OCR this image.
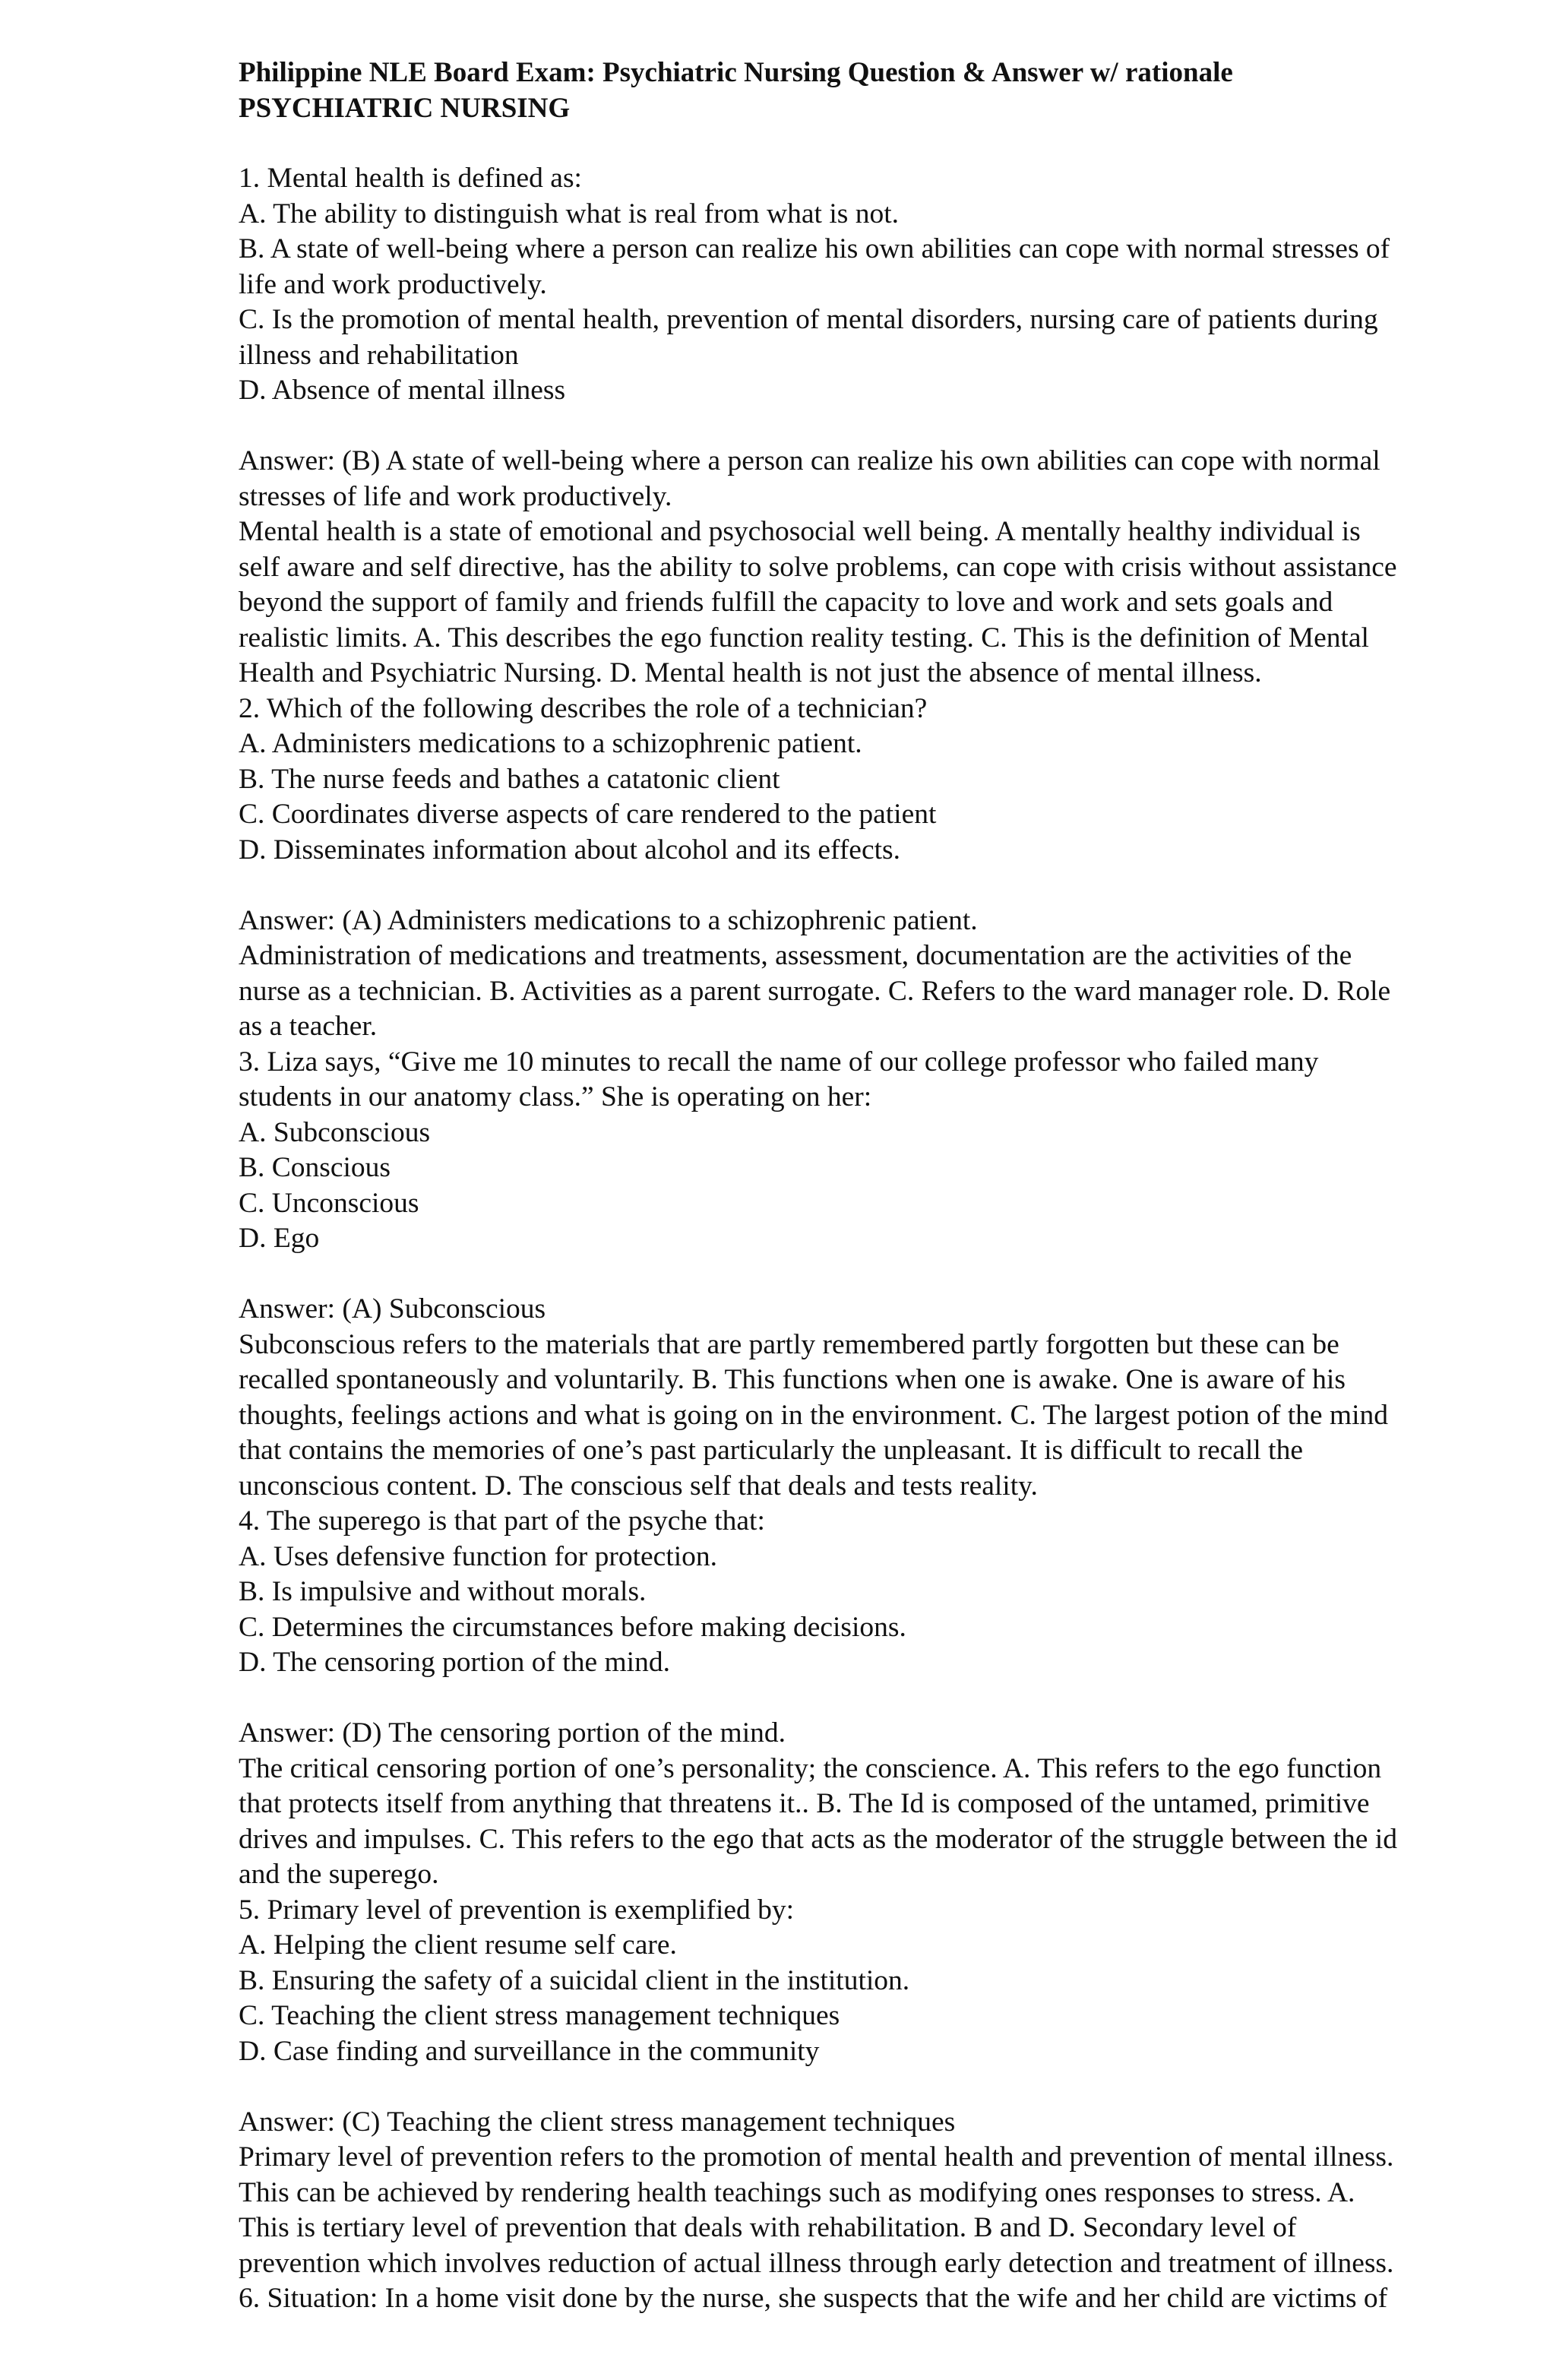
Philippine NLE Board Exam: Psychiatric Nursing Question & Answer w/ rationale
PSYCHIATRIC NURSING
1. Mental health is defined as:
A. The ability to distinguish what is real from what is not.
B. A state of well-being where a person can realize his own abilities can cope with normal stresses of
life and work productively.
C. Is the promotion of mental health, prevention of mental disorders, nursing care of patients during
illness and rehabilitation
D. Absence of mental illness
Answer: (B) A state of well-being where a person can realize his own abilities can cope with normal
stresses of life and work productively.
Mental health is a state of emotional and psychosocial well being. A mentally healthy individual is
self aware and self directive, has the ability to solve problems, can cope with crisis without assistance
beyond the support of family and friends fulfill the capacity to love and work and sets goals and
realistic limits. A. This describes the ego function reality testing. C. This is the definition of Mental
Health and Psychiatric Nursing. D. Mental health is not just the absence of mental illness.
2. Which of the following describes the role of a technician?
A. Administers medications to a schizophrenic patient.
B. The nurse feeds and bathes a catatonic client
C. Coordinates diverse aspects of care rendered to the patient
D. Disseminates information about alcohol and its effects.
Answer: (A) Administers medications to a schizophrenic patient.
Administration of medications and treatments, assessment, documentation are the activities of the
nurse as a technician. B. Activities as a parent surrogate. C. Refers to the ward manager role. D. Role
as a teacher.
3. Liza says, “Give me 10 minutes to recall the name of our college professor who failed many
students in our anatomy class.” She is operating on her:
A. Subconscious
B. Conscious
C. Unconscious
D. Ego
Answer: (A) Subconscious
Subconscious refers to the materials that are partly remembered partly forgotten but these can be
recalled spontaneously and voluntarily. B. This functions when one is awake. One is aware of his
thoughts, feelings actions and what is going on in the environment. C. The largest potion of the mind
that contains the memories of one’s past particularly the unpleasant. It is difficult to recall the
unconscious content. D. The conscious self that deals and tests reality.
4. The superego is that part of the psyche that:
A. Uses defensive function for protection.
B. Is impulsive and without morals.
C. Determines the circumstances before making decisions.
D. The censoring portion of the mind.
Answer: (D) The censoring portion of the mind.
The critical censoring portion of one’s personality; the conscience. A. This refers to the ego function
that protects itself from anything that threatens it.. B. The Id is composed of the untamed, primitive
drives and impulses. C. This refers to the ego that acts as the moderator of the struggle between the id
and the superego.
5. Primary level of prevention is exemplified by:
A. Helping the client resume self care.
B. Ensuring the safety of a suicidal client in the institution.
C. Teaching the client stress management techniques
D. Case finding and surveillance in the community
Answer: (C) Teaching the client stress management techniques
Primary level of prevention refers to the promotion of mental health and prevention of mental illness.
This can be achieved by rendering health teachings such as modifying ones responses to stress. A.
This is tertiary level of prevention that deals with rehabilitation. B and D. Secondary level of
prevention which involves reduction of actual illness through early detection and treatment of illness.
6. Situation: In a home visit done by the nurse, she suspects that the wife and her child are victims of
